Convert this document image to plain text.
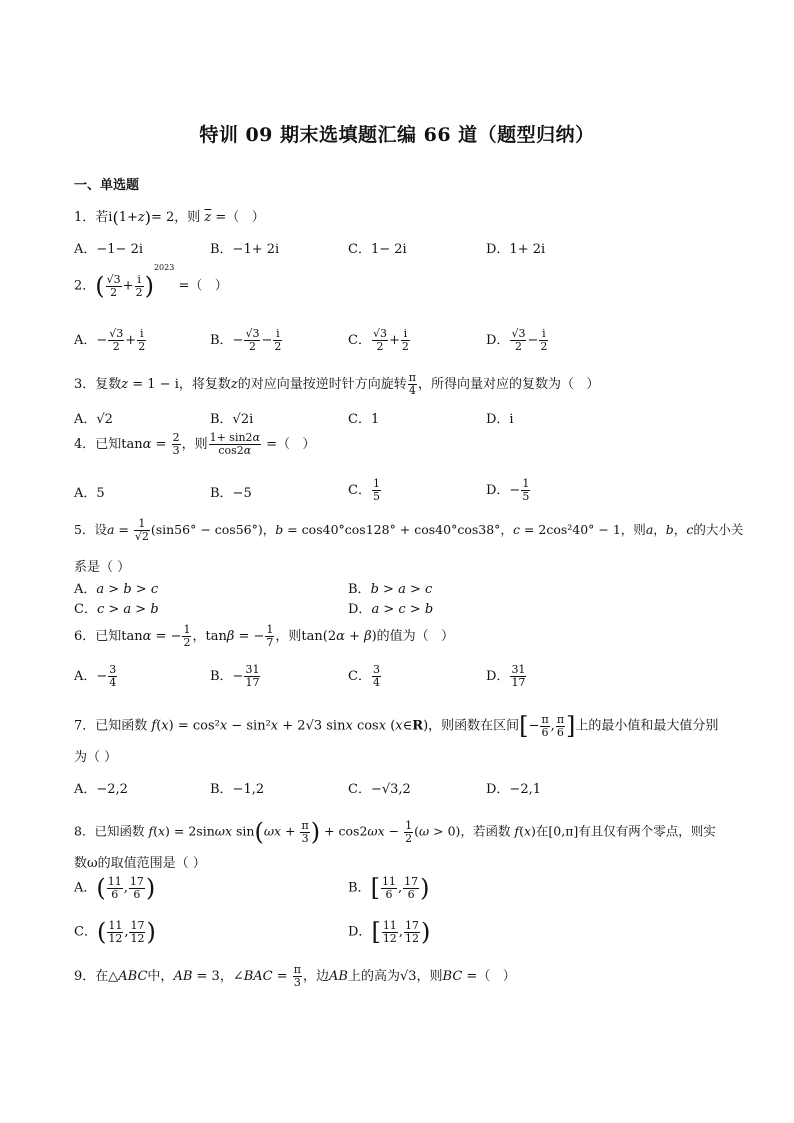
特训 09 期末选填题汇编 66 道（题型归纳）
一、单选题
1．若i(1+z)= 2，则 $\overline{z}$ =（   ）
A．−1− 2i	B．−1+ 2i	C．1− 2i	D．1+ 2i
2．( $\frac{√3}{2} + \frac{i}{2} )^{2023}$ =（   ）
A．− $\frac{√3}{2} + \frac{i}{2}$	B．− $\frac{√3}{2} - \frac{i}{2}$	C． $\frac{√3}{2} + \frac{i}{2}$	D． $\frac{√3}{2} - \frac{i}{2}$
3．复数z = 1 − i，将复数z的对应向量按逆时针方向旋转 $\frac{\pi}{4}$ ，所得向量对应的复数为（   ）
A．√2	B．√2i	C．1	D．i
4．已知$\tan\alpha = \frac{2}{3}$ ，则 $\frac{1+ \sin 2\alpha}{\cos 2\alpha}$ =（   ）
A．5	B．−5	C． $\frac{1}{5}$	D．− $\frac{1}{5}$
5．设$a = \frac{1}{√2} (\sin 56^\circ - \cos 56^\circ)$，b = cos40°cos128° + cos40°cos38°，c = 2cos²40° − 1，则a，b，c的大小关
系是（ ）
A．a > b > c	B．b > a > c
C．c > a > b	D．a > c > b
6．已知tanα = − $\frac{1}{2}$ ，tanβ = − $\frac{1}{7}$ ，则tan(2α + β)的值为（   ）
A．− $\frac{3}{4}$	B．− $\frac{31}{17}$	C． $\frac{3}{4}$	D． $\frac{31}{17}$
7．已知函数 f(x) = cos²x − sin²x + 2√3 sinx cosx (x∈R)，则函数在区间[− $\frac{\pi}{6}$ , $\frac{\pi}{6}$ ]上的最小值和最大值分别
为（ ）
A．−2,2	B．−1,2	C．−√3,2	D．−2,1
8．已知函数 f(x) = 2sinωx $\sin(\omega x + \frac{\pi}{3}$ ) + $\cos 2\omega x - \frac{1}{2} (\omega > 0)$，若函数 f(x)在[0,π]有且仅有两个零点，则实
数ω的取值范围是（ ）
A．( $\frac{11}{6}$ , $\frac{17}{6}$ )	B．[ $\frac{11}{6}$ , $\frac{17}{6}$ )
C．( $\frac{11}{12}$ , $\frac{17}{12}$ )	D．[ $\frac{11}{12}$ , $\frac{17}{12}$ )
9．在△ABC中，AB = 3，∠BAC = $\frac{\pi}{3}$ ，边AB上的高为√3，则BC =（   ）
